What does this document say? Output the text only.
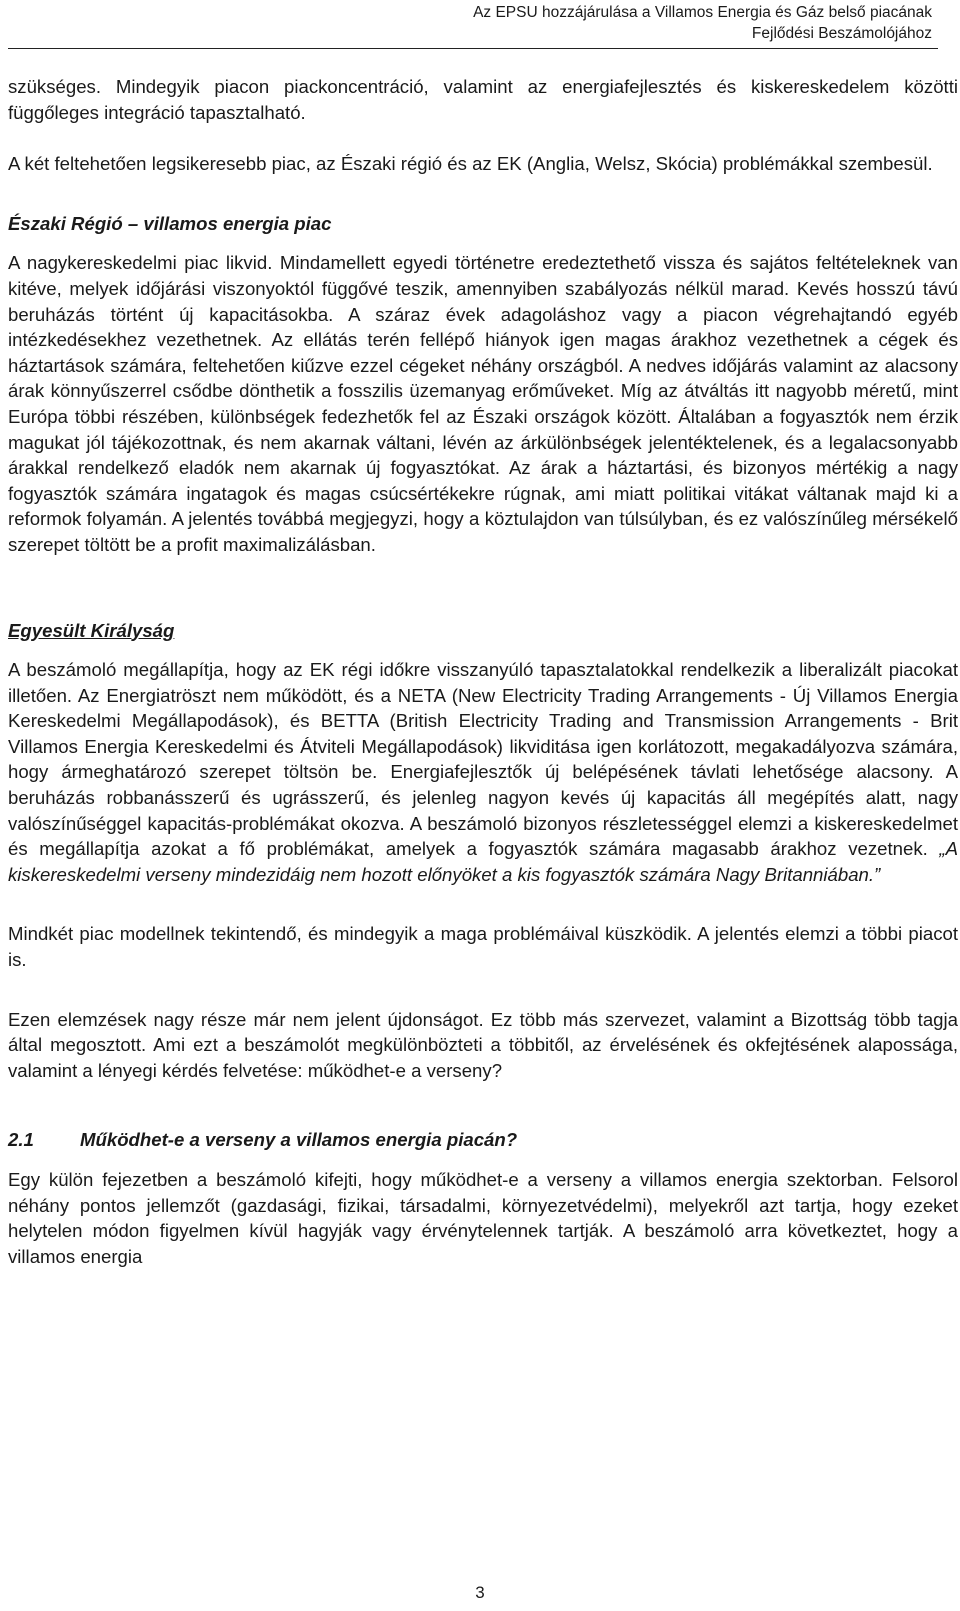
Az EPSU hozzájárulása a Villamos Energia és Gáz belső piacának
Fejlődési Beszámolójához

szükséges. Mindegyik piacon piackoncentráció, valamint az energiafejlesztés és kiskereskedelem közötti függőleges integráció tapasztalható.

A két feltehetően legsikeresebb piac, az Északi régió és az EK (Anglia, Welsz, Skócia) problémákkal szembesül.

Északi Régió – villamos energia piac

A nagykereskedelmi piac likvid. Mindamellett egyedi történetre eredeztethető vissza és sajátos feltételeknek van kitéve, melyek időjárási viszonyoktól függővé teszik, amennyiben szabályozás nélkül marad. Kevés hosszú távú beruházás történt új kapacitásokba. A száraz évek adagoláshoz vagy a piacon végrehajtandó egyéb intézkedésekhez vezethetnek. Az ellátás terén fellépő hiányok igen magas árakhoz vezethetnek a cégek és háztartások számára, feltehetően kiűzve ezzel cégeket néhány országból. A nedves időjárás valamint az alacsony árak könnyűszerrel csődbe dönthetik a fosszilis üzemanyag erőműveket. Míg az átváltás itt nagyobb méretű, mint Európa többi részében, különbségek fedezhetők fel az Északi országok között. Általában a fogyasztók nem érzik magukat jól tájékozottnak, és nem akarnak váltani, lévén az árkülönbségek jelentéktelenek, és a legalacsonyabb árakkal rendelkező eladók nem akarnak új fogyasztókat. Az árak a háztartási, és bizonyos mértékig a nagy fogyasztók számára ingatagok és magas csúcsértékekre rúgnak, ami miatt politikai vitákat váltanak majd ki a reformok folyamán. A jelentés továbbá megjegyzi, hogy a köztulajdon van túlsúlyban, és ez valószínűleg mérsékelő szerepet töltött be a profit maximalizálásban.

Egyesült Királyság

A beszámoló megállapítja, hogy az EK régi időkre visszanyúló tapasztalatokkal rendelkezik a liberalizált piacokat illetően. Az Energiatröszt nem működött, és a NETA (New Electricity Trading Arrangements - Új Villamos Energia Kereskedelmi Megállapodások), és BETTA (British Electricity Trading and Transmission Arrangements - Brit Villamos Energia Kereskedelmi és Átviteli Megállapodások) likviditása igen korlátozott, megakadályozva számára, hogy ármeghatározó szerepet töltsön be. Energiafejlesztők új belépésének távlati lehetősége alacsony. A beruházás robbanásszerű és ugrásszerű, és jelenleg nagyon kevés új kapacitás áll megépítés alatt, nagy valószínűséggel kapacitás-problémákat okozva. A beszámoló bizonyos részletességgel elemzi a kiskereskedelmet és megállapítja azokat a fő problémákat, amelyek a fogyasztók számára magasabb árakhoz vezetnek. „A kiskereskedelmi verseny mindezidáig nem hozott előnyöket a kis fogyasztók számára Nagy Britanniában.”

Mindkét piac modellnek tekintendő, és mindegyik a maga problémáival küszködik. A jelentés elemzi a többi piacot is.

Ezen elemzések nagy része már nem jelent újdonságot. Ez több más szervezet, valamint a Bizottság több tagja által megosztott. Ami ezt a beszámolót megkülönbözteti a többitől, az érvelésének és okfejtésének alapossága, valamint a lényegi kérdés felvetése: működhet-e a verseny?

2.1 Működhet-e a verseny a villamos energia piacán?

Egy külön fejezetben a beszámoló kifejti, hogy működhet-e a verseny a villamos energia szektorban. Felsorol néhány pontos jellemzőt (gazdasági, fizikai, társadalmi, környezetvédelmi), melyekről azt tartja, hogy ezeket helytelen módon figyelmen kívül hagyják vagy érvénytelennek tartják. A beszámoló arra következtet, hogy a villamos energia

3
